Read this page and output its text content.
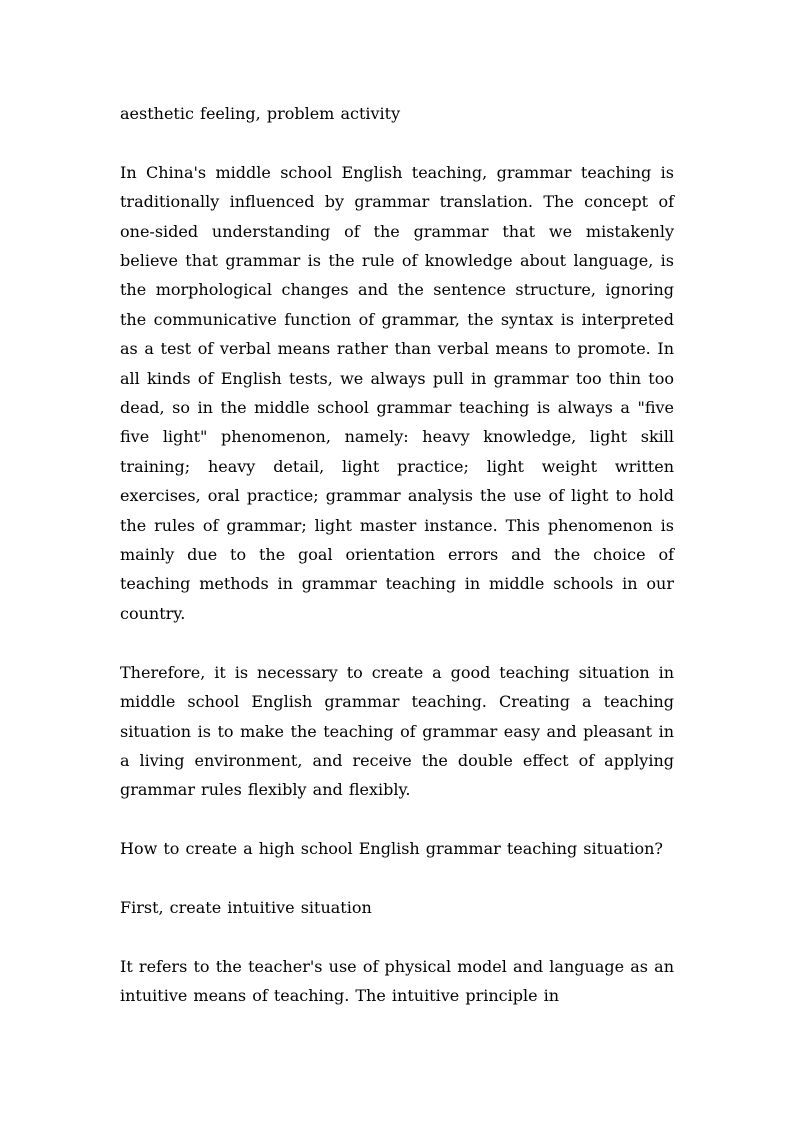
aesthetic feeling, problem activity

In China's middle school English teaching, grammar teaching is traditionally influenced by grammar translation. The concept of one-sided understanding of the grammar that we mistakenly believe that grammar is the rule of knowledge about language, is the morphological changes and the sentence structure, ignoring the communicative function of grammar, the syntax is interpreted as a test of verbal means rather than verbal means to promote. In all kinds of English tests, we always pull in grammar too thin too dead, so in the middle school grammar teaching is always a "five five light" phenomenon, namely: heavy knowledge, light skill training; heavy detail, light practice; light weight written exercises, oral practice; grammar analysis the use of light to hold the rules of grammar; light master instance. This phenomenon is mainly due to the goal orientation errors and the choice of teaching methods in grammar teaching in middle schools in our country.

Therefore, it is necessary to create a good teaching situation in middle school English grammar teaching. Creating a teaching situation is to make the teaching of grammar easy and pleasant in a living environment, and receive the double effect of applying grammar rules flexibly and flexibly.

How to create a high school English grammar teaching situation?

First, create intuitive situation

It refers to the teacher's use of physical model and language as an intuitive means of teaching. The intuitive principle in
